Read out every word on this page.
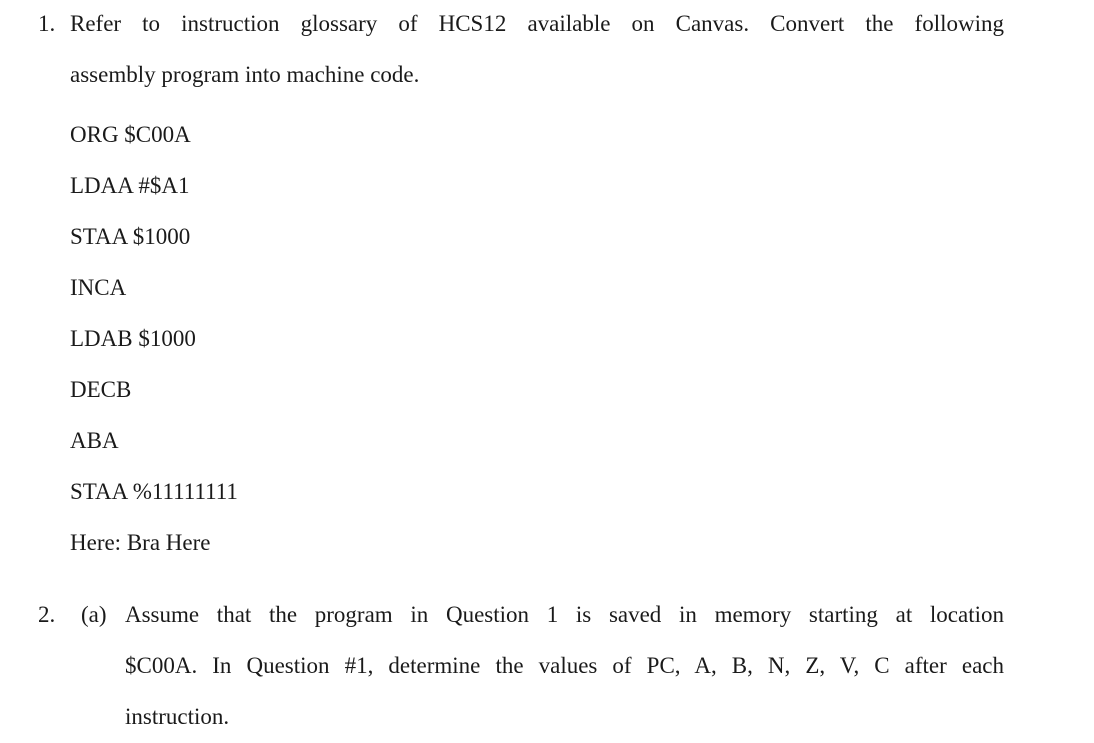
1. Refer to instruction glossary of HCS12 available on Canvas. Convert the following
assembly program into machine code.
ORG $C00A
LDAA #$A1
STAA $1000
INCA
LDAB $1000
DECB
ABA
STAA %11111111
Here: Bra Here
2. (a) Assume that the program in Question 1 is saved in memory starting at location
$C00A. In Question #1, determine the values of PC, A, B, N, Z, V, C after each
instruction.
